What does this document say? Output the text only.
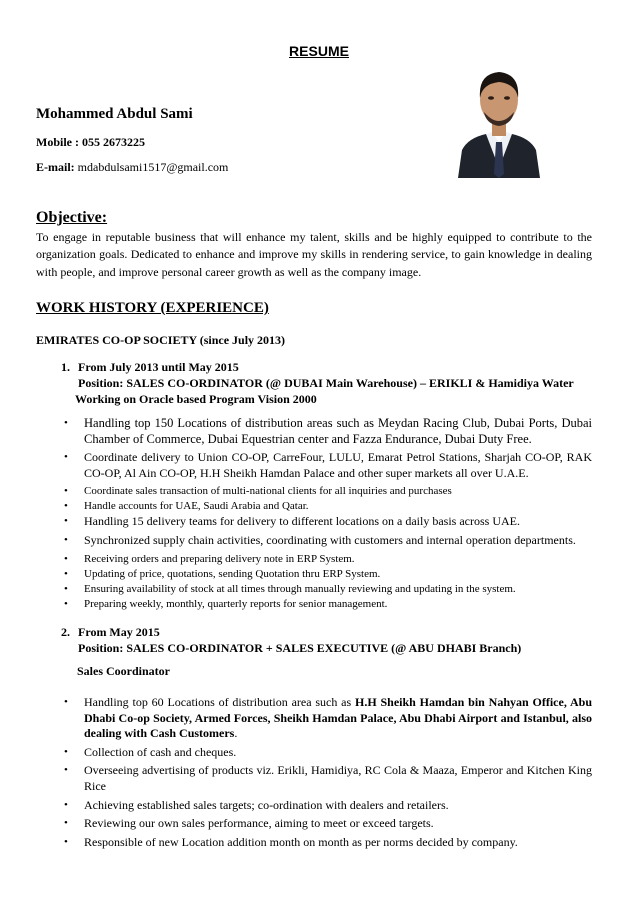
RESUME
Mohammed Abdul Sami
Mobile : 055 2673225
E-mail: mdabdulsami1517@gmail.com
Objective:
To engage in reputable business that will enhance my talent, skills and be highly equipped to contribute to the organization goals. Dedicated to enhance and improve my skills in rendering service, to gain knowledge in dealing with people, and improve personal career growth as well as the company image.
WORK HISTORY (EXPERIENCE)
EMIRATES CO-OP SOCIETY (since July 2013)
1. From July 2013 until May 2015
Position: SALES CO-ORDINATOR (@ DUBAI Main Warehouse) – ERIKLI & Hamidiya Water
Working on Oracle based Program Vision 2000
• Handling top 150 Locations of distribution areas such as Meydan Racing Club, Dubai Ports, Dubai Chamber of Commerce, Dubai Equestrian center and Fazza Endurance, Dubai Duty Free.
• Coordinate delivery to Union CO-OP, CarreFour, LULU, Emarat Petrol Stations, Sharjah CO-OP, RAK CO-OP, Al Ain CO-OP, H.H Sheikh Hamdan Palace and other super markets all over U.A.E.
• Coordinate sales transaction of multi-national clients for all inquiries and purchases
• Handle accounts for UAE, Saudi Arabia and Qatar.
• Handling 15 delivery teams for delivery to different locations on a daily basis across UAE.
• Synchronized supply chain activities, coordinating with customers and internal operation departments.
• Receiving orders and preparing delivery note in ERP System.
• Updating of price, quotations, sending Quotation thru ERP System.
• Ensuring availability of stock at all times through manually reviewing and updating in the system.
• Preparing weekly, monthly, quarterly reports for senior management.
2. From May 2015
Position: SALES CO-ORDINATOR + SALES EXECUTIVE (@ ABU DHABI Branch)
Sales Coordinator
• Handling top 60 Locations of distribution area such as H.H Sheikh Hamdan bin Nahyan Office, Abu Dhabi Co-op Society, Armed Forces, Sheikh Hamdan Palace, Abu Dhabi Airport and Istanbul, also dealing with Cash Customers.
• Collection of cash and cheques.
• Overseeing advertising of products viz. Erikli, Hamidiya, RC Cola & Maaza, Emperor and Kitchen King Rice
• Achieving established sales targets; co-ordination with dealers and retailers.
• Reviewing our own sales performance, aiming to meet or exceed targets.
• Responsible of new Location addition month on month as per norms decided by company.
